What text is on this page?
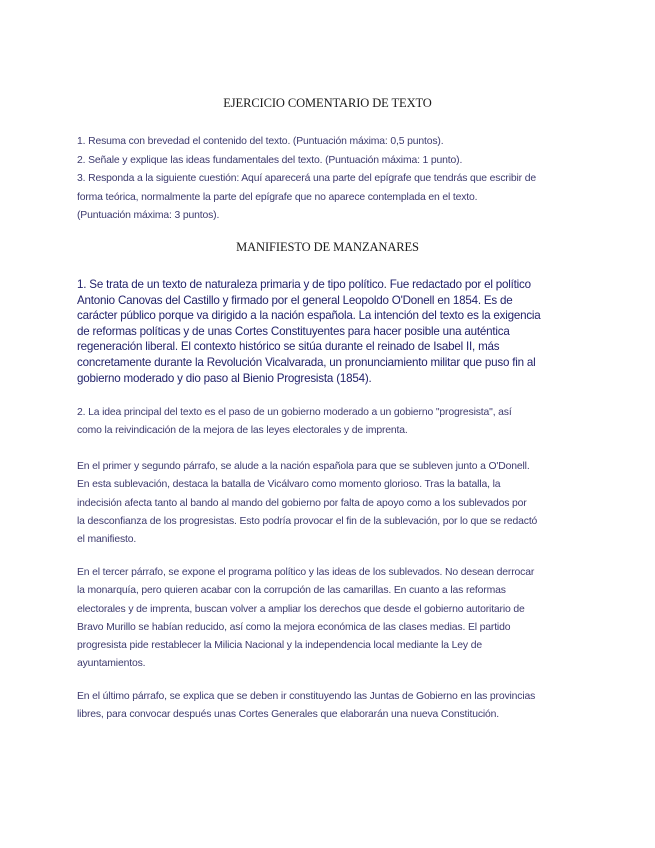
EJERCICIO COMENTARIO DE TEXTO
1. Resuma con brevedad el contenido del texto. (Puntuación máxima: 0,5 puntos).
2. Señale y explique las ideas fundamentales del texto. (Puntuación máxima: 1 punto).
3. Responda a la siguiente cuestión: Aquí aparecerá una parte del epígrafe que tendrás que escribir de
forma teórica, normalmente la parte del epígrafe que no aparece contemplada en el texto.
(Puntuación máxima: 3 puntos).
MANIFIESTO DE MANZANARES
1. Se trata de un texto de naturaleza primaria y de tipo político. Fue redactado por el político
Antonio Canovas del Castillo y firmado por el general Leopoldo O'Donell en 1854. Es de
carácter público porque va dirigido a la nación española. La intención del texto es la exigencia
de reformas políticas y de unas Cortes Constituyentes para hacer posible una auténtica
regeneración liberal. El contexto histórico se sitúa durante el reinado de Isabel II, más
concretamente durante la Revolución Vicalvarada, un pronunciamiento militar que puso fin al
gobierno moderado y dio paso al Bienio Progresista (1854).
2. La idea principal del texto es el paso de un gobierno moderado a un gobierno "progresista", así
como la reivindicación de la mejora de las leyes electorales y de imprenta.
En el primer y segundo párrafo, se alude a la nación española para que se subleven junto a O'Donell.
En esta sublevación, destaca la batalla de Vicálvaro como momento glorioso. Tras la batalla, la
indecisión afecta tanto al bando al mando del gobierno por falta de apoyo como a los sublevados por
la desconfianza de los progresistas. Esto podría provocar el fin de la sublevación, por lo que se redactó
el manifiesto.
En el tercer párrafo, se expone el programa político y las ideas de los sublevados. No desean derrocar
la monarquía, pero quieren acabar con la corrupción de las camarillas. En cuanto a las reformas
electorales y de imprenta, buscan volver a ampliar los derechos que desde el gobierno autoritario de
Bravo Murillo se habían reducido, así como la mejora económica de las clases medias. El partido
progresista pide restablecer la Milicia Nacional y la independencia local mediante la Ley de
ayuntamientos.
En el último párrafo, se explica que se deben ir constituyendo las Juntas de Gobierno en las provincias
libres, para convocar después unas Cortes Generales que elaborarán una nueva Constitución.
